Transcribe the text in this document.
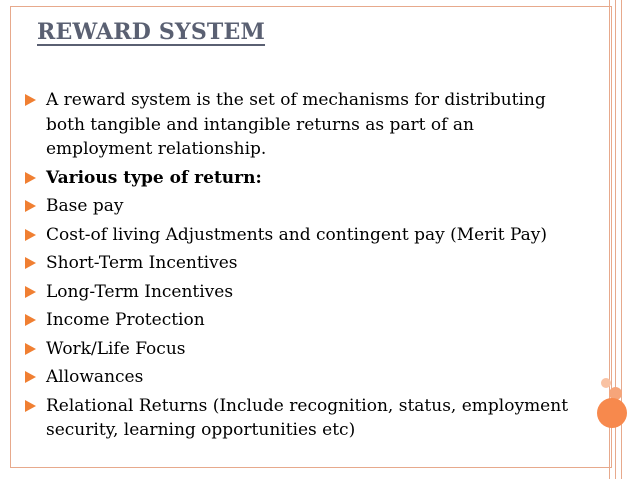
REWARD SYSTEM
A reward system is the set of mechanisms for distributing both tangible and intangible returns as part of an employment relationship.
Various type of return:
Base pay
Cost-of living Adjustments and contingent pay (Merit Pay)
Short-Term Incentives
Long-Term Incentives
Income Protection
Work/Life Focus
Allowances
Relational Returns (Include recognition, status, employment security, learning opportunities etc)
